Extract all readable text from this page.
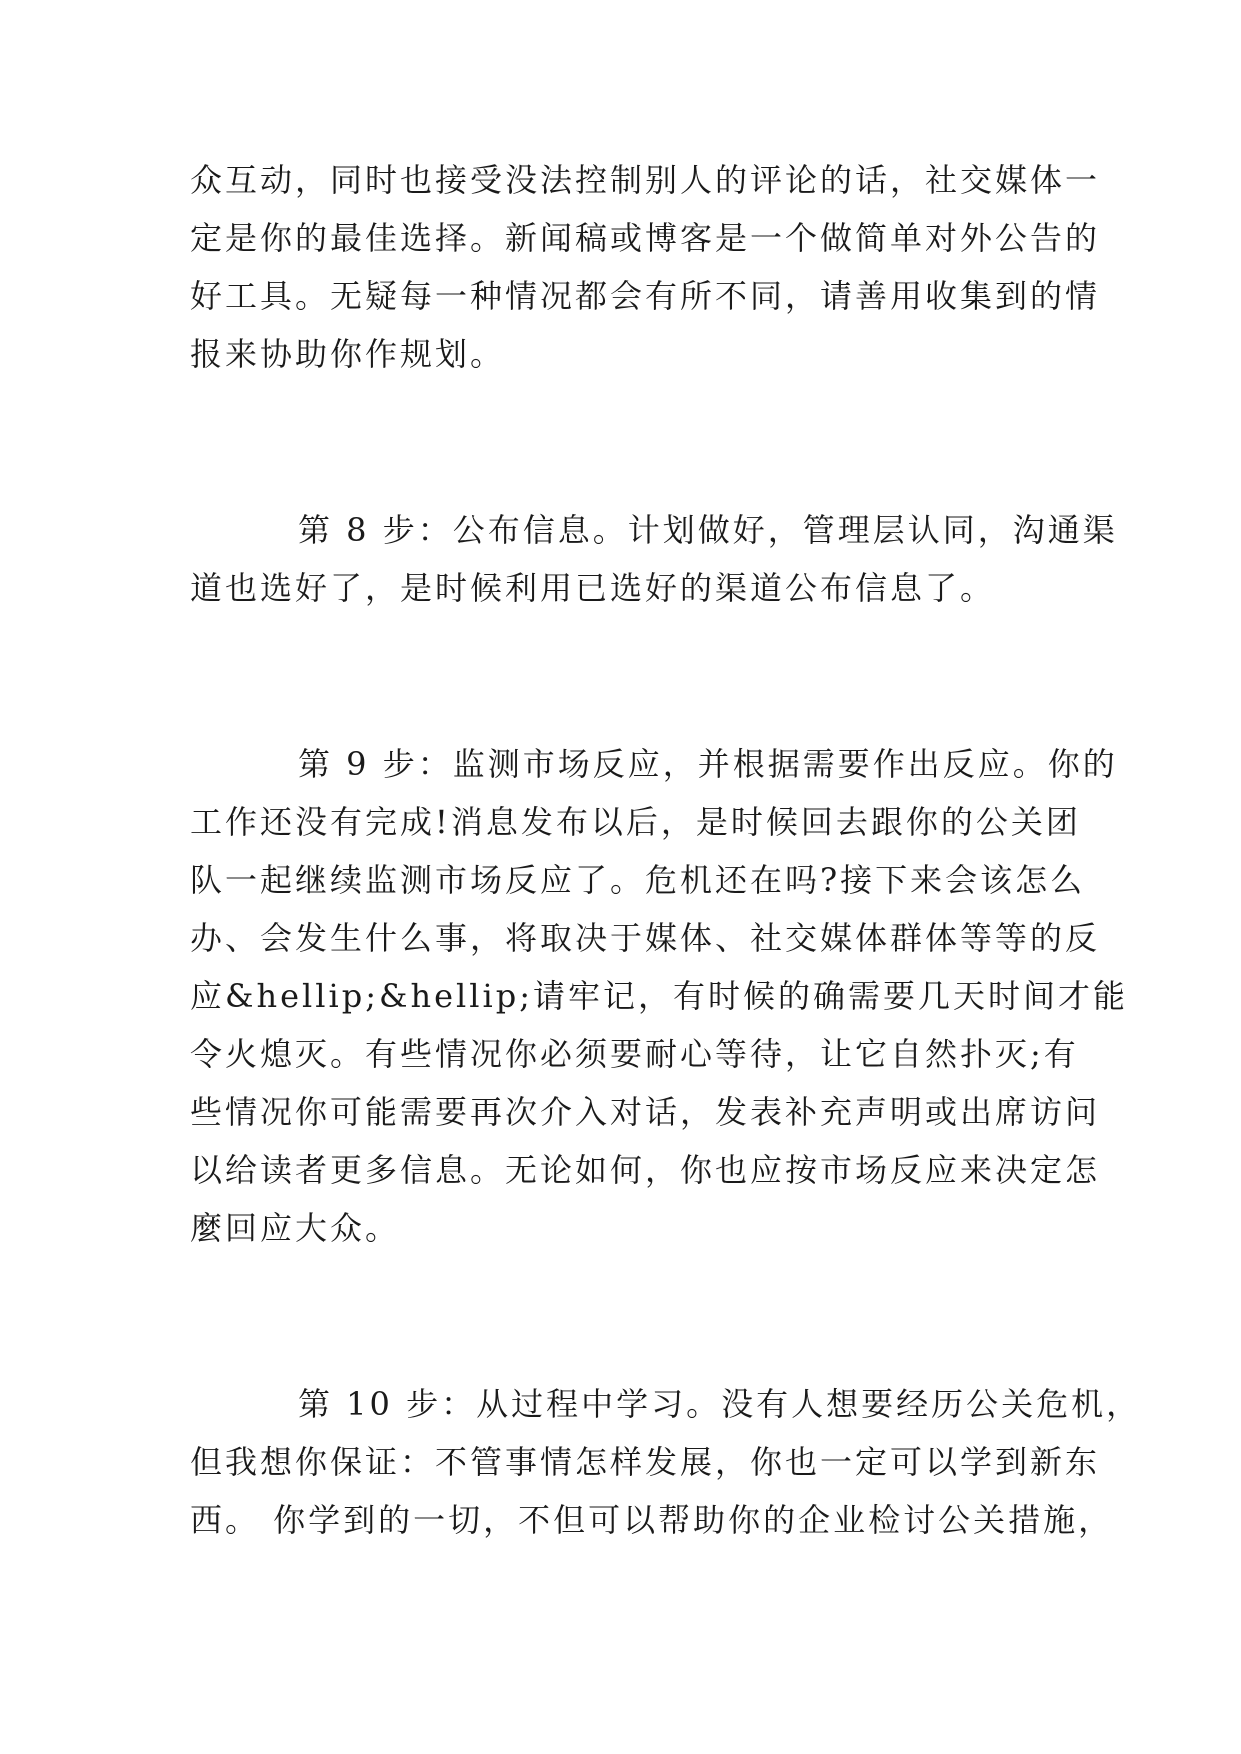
众互动，同时也接受没法控制别人的评论的话，社交媒体一
定是你的最佳选择。新闻稿或博客是一个做简单对外公告的
好工具。无疑每一种情况都会有所不同，请善用收集到的情
报来协助你作规划。
第 8 步：公布信息。计划做好，管理层认同，沟通渠
道也选好了，是时候利用已选好的渠道公布信息了。
第 9 步：监测市场反应，并根据需要作出反应。你的
工作还没有完成!消息发布以后，是时候回去跟你的公关团
队一起继续监测市场反应了。危机还在吗?接下来会该怎么
办、会发生什么事，将取决于媒体、社交媒体群体等等的反
应&hellip;&hellip;请牢记，有时候的确需要几天时间才能
令火熄灭。有些情况你必须要耐心等待，让它自然扑灭;有
些情况你可能需要再次介入对话，发表补充声明或出席访问
以给读者更多信息。无论如何，你也应按市场反应来决定怎
麼回应大众。
第 10 步：从过程中学习。没有人想要经历公关危机，
但我想你保证：不管事情怎样发展，你也一定可以学到新东
西。 你学到的一切，不但可以帮助你的企业检讨公关措施，
